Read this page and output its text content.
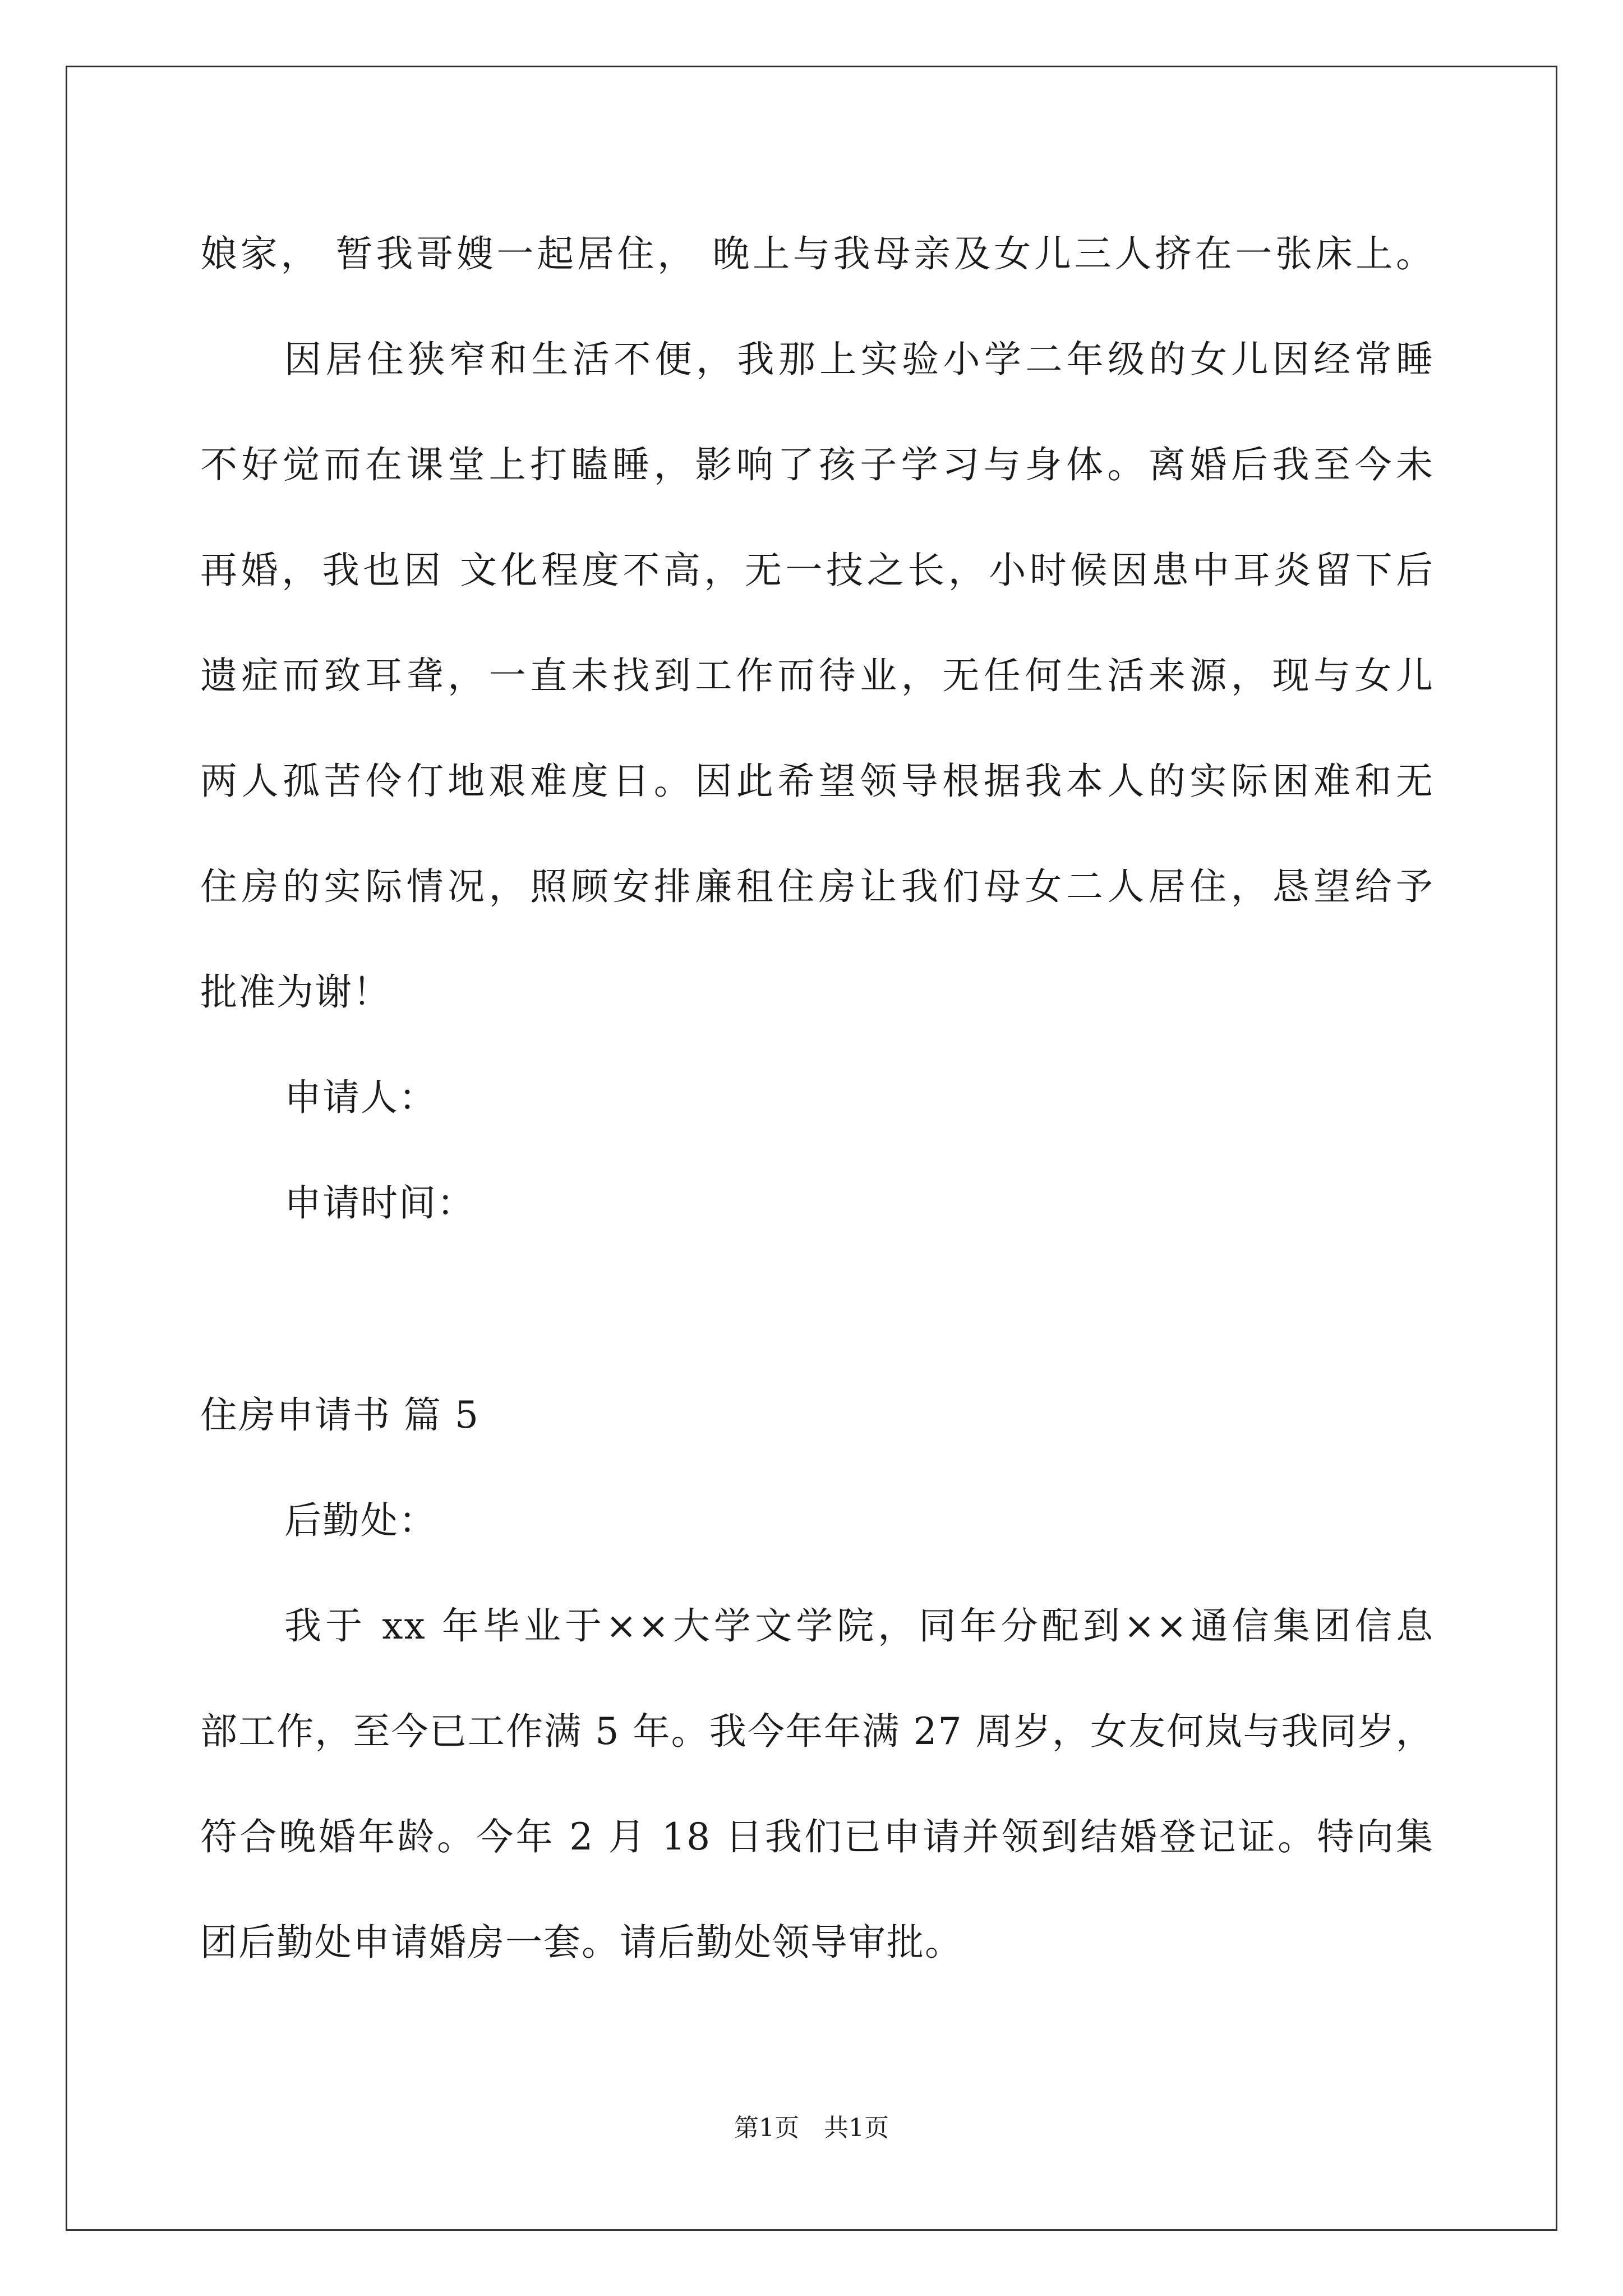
娘家， 暂我哥嫂一起居住， 晚上与我母亲及女儿三人挤在一张床上。
因居住狭窄和生活不便，我那上实验小学二年级的女儿因经常睡
不好觉而在课堂上打瞌睡，影响了孩子学习与身体。离婚后我至今未
再婚，我也因 文化程度不高，无一技之长，小时候因患中耳炎留下后
遗症而致耳聋，一直未找到工作而待业，无任何生活来源，现与女儿
两人孤苦伶仃地艰难度日。因此希望领导根据我本人的实际困难和无
住房的实际情况，照顾安排廉租住房让我们母女二人居住，恳望给予
批准为谢！
申请人：
申请时间：
住房申请书 篇 5
后勤处：
我于 xx 年毕业于××大学文学院，同年分配到××通信集团信息
部工作，至今已工作满 5 年。我今年年满 27 周岁，女友何岚与我同岁，
符合晚婚年龄。今年 2 月 18 日我们已申请并领到结婚登记证。特向集
团后勤处申请婚房一套。请后勤处领导审批。
第1页　共1页
